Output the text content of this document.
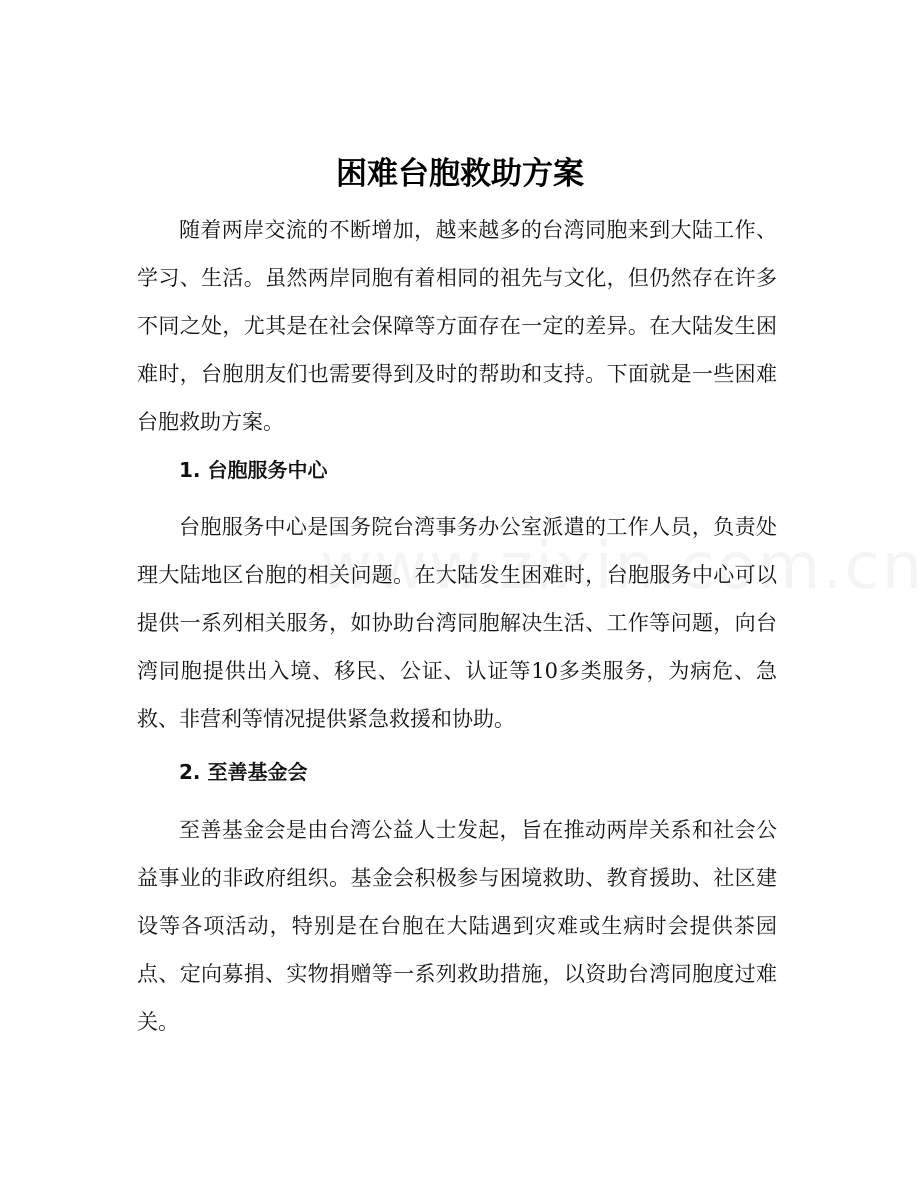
困难台胞救助方案

随着两岸交流的不断增加，越来越多的台湾同胞来到大陆工作、学习、生活。虽然两岸同胞有着相同的祖先与文化，但仍然存在许多不同之处，尤其是在社会保障等方面存在一定的差异。在大陆发生困难时，台胞朋友们也需要得到及时的帮助和支持。下面就是一些困难台胞救助方案。

1. 台胞服务中心

台胞服务中心是国务院台湾事务办公室派遣的工作人员，负责处理大陆地区台胞的相关问题。在大陆发生困难时，台胞服务中心可以提供一系列相关服务，如协助台湾同胞解决生活、工作等问题，向台湾同胞提供出入境、移民、公证、认证等10多类服务，为病危、急救、非营利等情况提供紧急救援和协助。

2. 至善基金会

至善基金会是由台湾公益人士发起，旨在推动两岸关系和社会公益事业的非政府组织。基金会积极参与困境救助、教育援助、社区建设等各项活动，特别是在台胞在大陆遇到灾难或生病时会提供茶园点、定向募捐、实物捐赠等一系列救助措施，以资助台湾同胞度过难关。
